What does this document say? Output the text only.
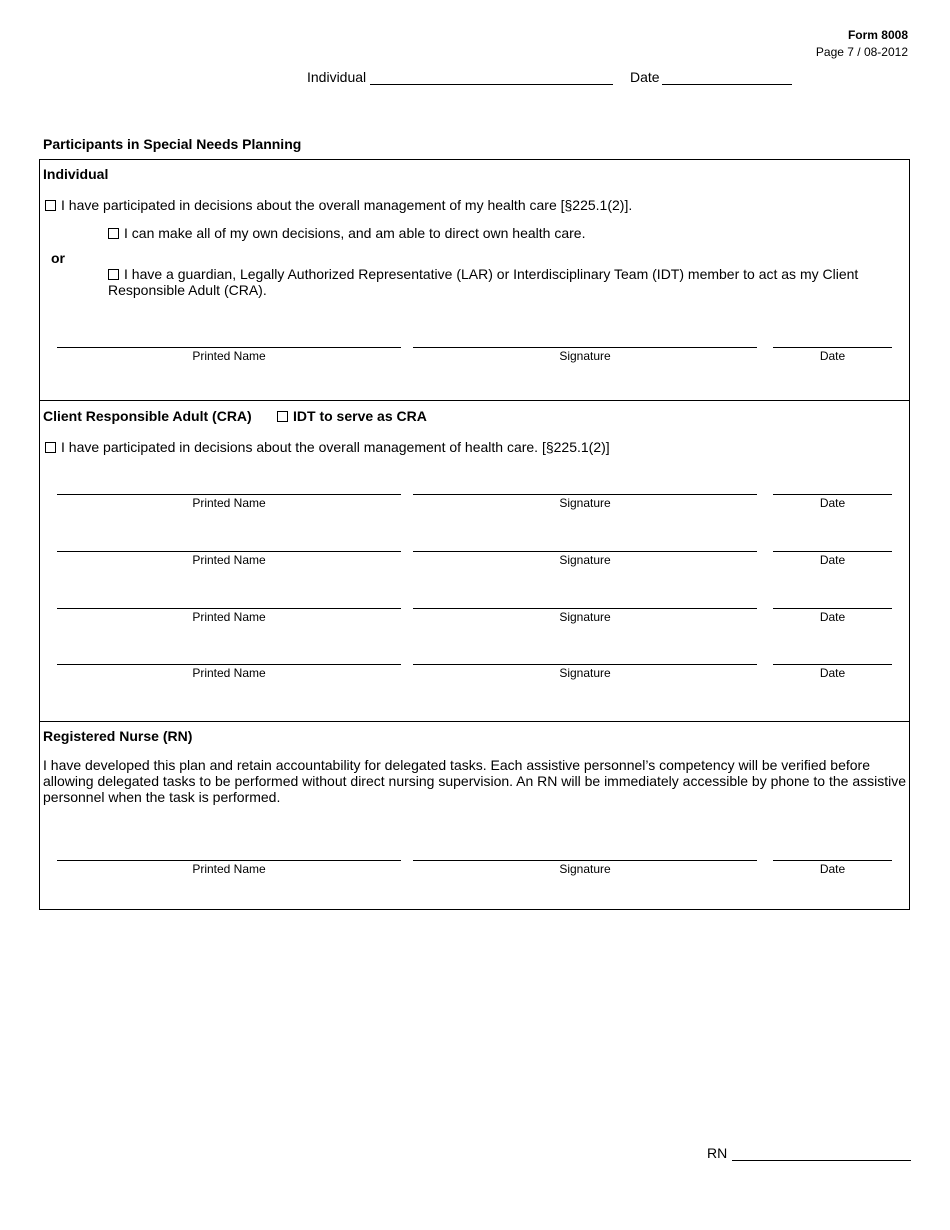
Form 8008
Page 7 / 08-2012
Individual	Date
Participants in Special Needs Planning
Individual
I have participated in decisions about the overall management of my health care [§225.1(2)].
I can make all of my own decisions, and am able to direct own health care.
or
I have a guardian, Legally Authorized Representative (LAR) or Interdisciplinary Team (IDT) member to act as my Client Responsible Adult (CRA).
Printed Name	Signature	Date
Client Responsible Adult (CRA)	IDT to serve as CRA
I have participated in decisions about the overall management of health care. [§225.1(2)]
Printed Name	Signature	Date
Printed Name	Signature	Date
Printed Name	Signature	Date
Printed Name	Signature	Date
Registered Nurse (RN)
I have developed this plan and retain accountability for delegated tasks. Each assistive personnel’s competency will be verified before allowing delegated tasks to be performed without direct nursing supervision. An RN will be immediately accessible by phone to the assistive personnel when the task is performed.
Printed Name	Signature	Date
RN
